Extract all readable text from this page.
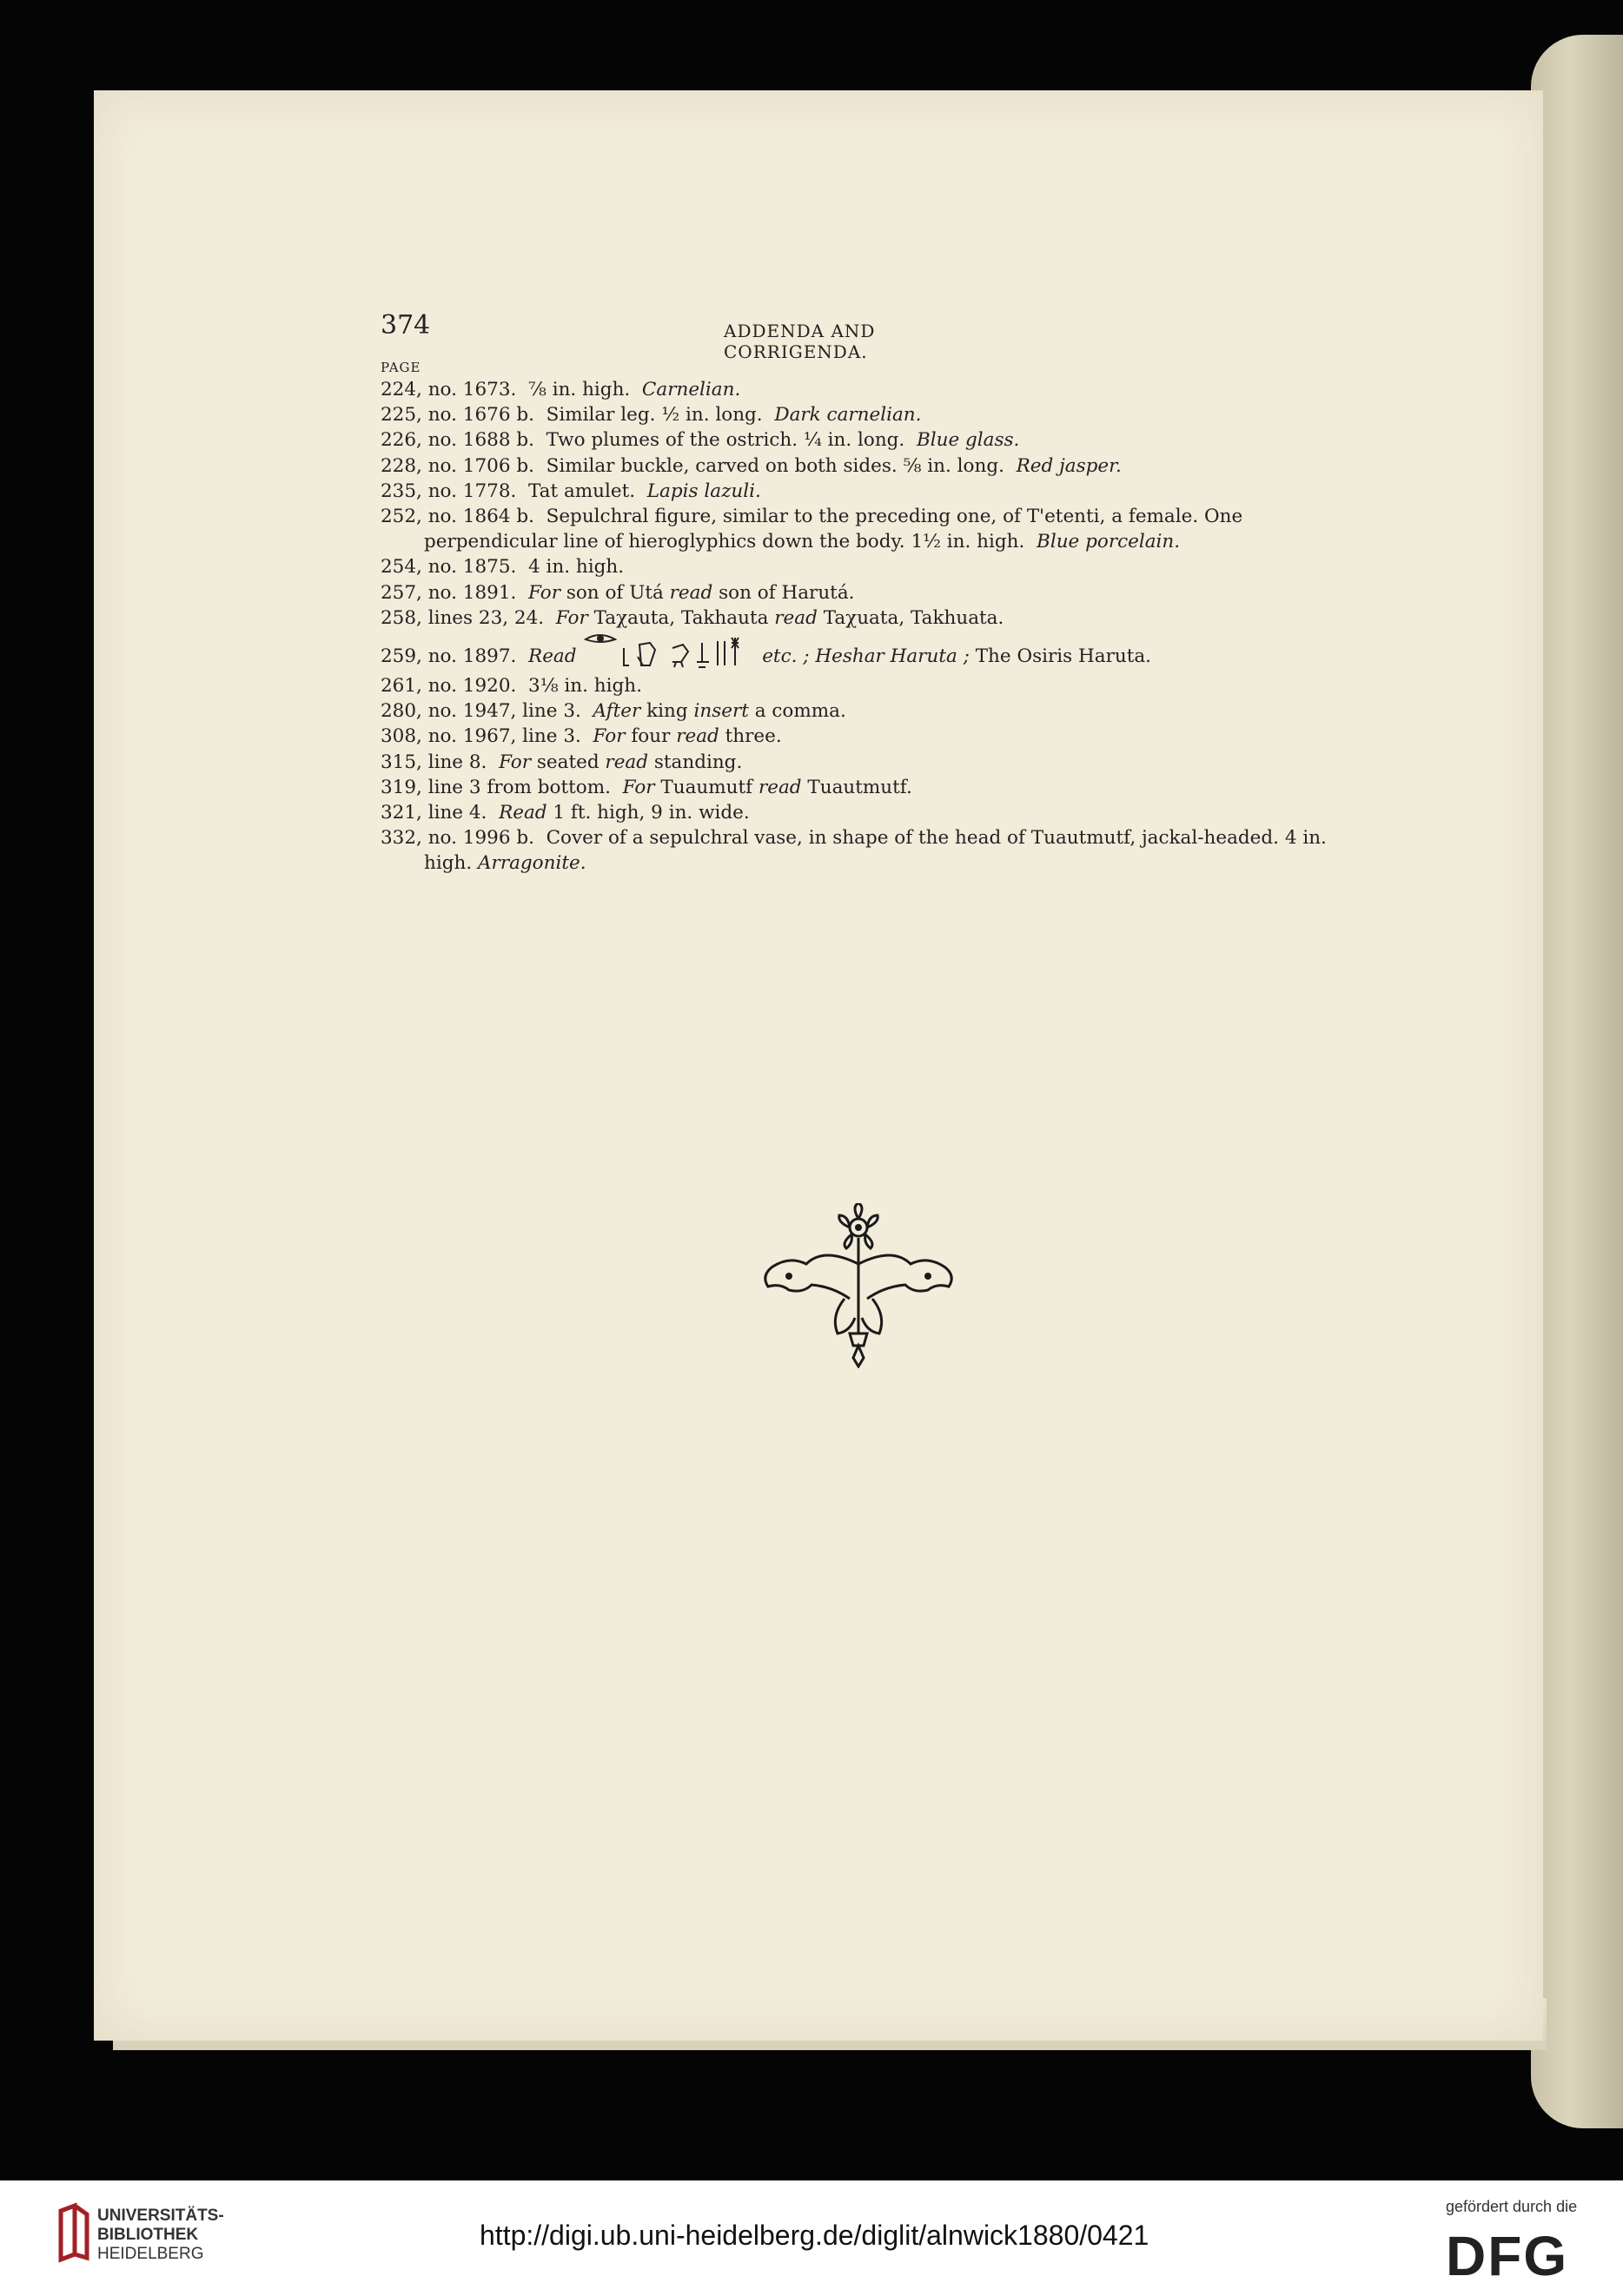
374	ADDENDA AND CORRIGENDA.
PAGE
224, no. 1673. ⅞ in. high. Carnelian.
225, no. 1676 b. Similar leg. ½ in. long. Dark carnelian.
226, no. 1688 b. Two plumes of the ostrich. ¼ in. long. Blue glass.
228, no. 1706 b. Similar buckle, carved on both sides. ⅝ in. long. Red jasper.
235, no. 1778. Tat amulet. Lapis lazuli.
252, no. 1864 b. Sepulchral figure, similar to the preceding one, of T'etenti, a female. One perpendicular line of hieroglyphics down the body. 1½ in. high. Blue porcelain.
254, no. 1875. 4 in. high.
257, no. 1891. For son of Utá read son of Harutá.
258, lines 23, 24. For Taχauta, Takhauta read Taχuata, Takhuata.
259, no. 1897. Read	etc. ; Heshar Haruta ; The Osiris Haruta.
261, no. 1920. 3⅛ in. high.
280, no. 1947, line 3. After king insert a comma.
308, no. 1967, line 3. For four read three.
315, line 8. For seated read standing.
319, line 3 from bottom. For Tuaumutf read Tuautmutf.
321, line 4. Read 1 ft. high, 9 in. wide.
332, no. 1996 b. Cover of a sepulchral vase, in shape of the head of Tuautmutf, jackal-headed. 4 in. high. Arragonite.
UNIVERSITÄTS-
BIBLIOTHEK
HEIDELBERG
http://digi.ub.uni-heidelberg.de/diglit/alnwick1880/0421
gefördert durch die
DFG
